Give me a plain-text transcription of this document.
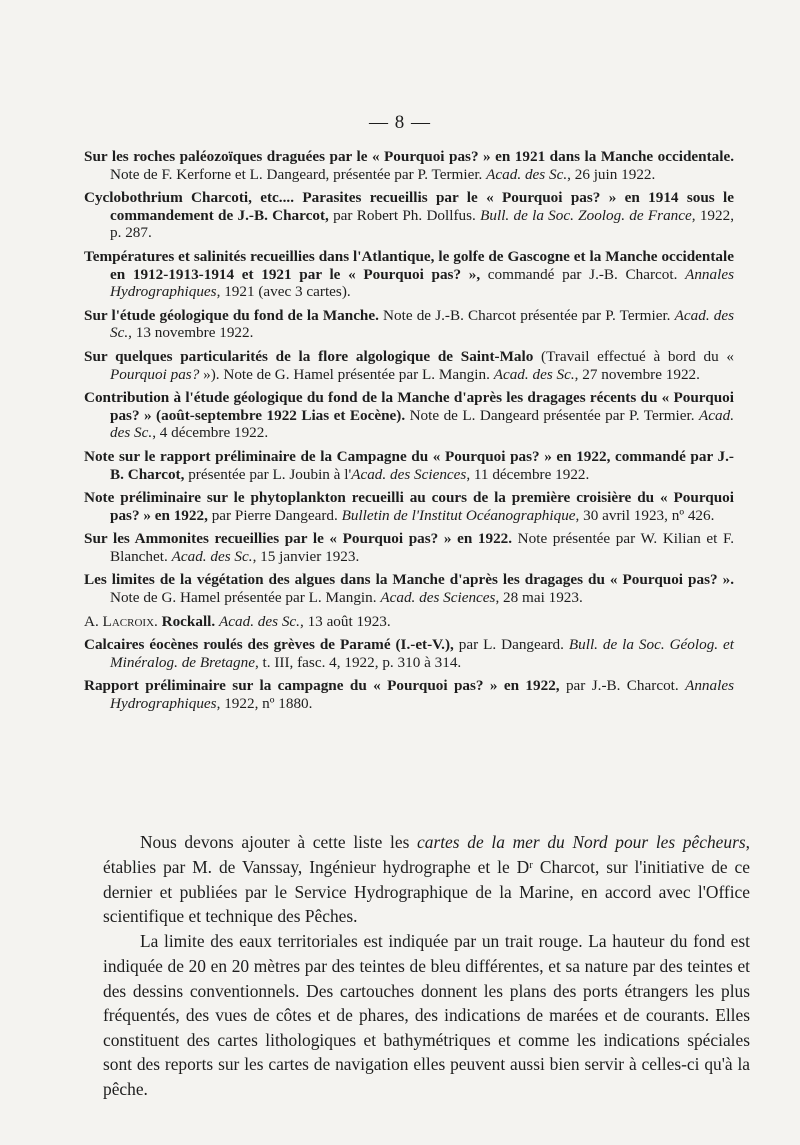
— 8 —

Sur les roches paléozoïques draguées par le « Pourquoi pas? » en 1921 dans la Manche occidentale. Note de F. Kerforne et L. Dangeard, présentée par P. Termier. Acad. des Sc., 26 juin 1922.

Cyclobothrium Charcoti, etc.... Parasites recueillis par le « Pourquoi pas? » en 1914 sous le commandement de J.-B. Charcot, par Robert Ph. Dollfus. Bull. de la Soc. Zoolog. de France, 1922, p. 287.

Températures et salinités recueillies dans l'Atlantique, le golfe de Gascogne et la Manche occidentale en 1912-1913-1914 et 1921 par le « Pourquoi pas? », commandé par J.-B. Charcot. Annales Hydrographiques, 1921 (avec 3 cartes).

Sur l'étude géologique du fond de la Manche. Note de J.-B. Charcot présentée par P. Termier. Acad. des Sc., 13 novembre 1922.

Sur quelques particularités de la flore algologique de Saint-Malo (Travail effectué à bord du « Pourquoi pas? »). Note de G. Hamel présentée par L. Mangin. Acad. des Sc., 27 novembre 1922.

Contribution à l'étude géologique du fond de la Manche d'après les dragages récents du « Pourquoi pas? » (août-septembre 1922 Lias et Eocène). Note de L. Dangeard présentée par P. Termier. Acad. des Sc., 4 décembre 1922.

Note sur le rapport préliminaire de la Campagne du « Pourquoi pas? » en 1922, commandé par J.-B. Charcot, présentée par L. Joubin à l'Acad. des Sciences, 11 décembre 1922.

Note préliminaire sur le phytoplankton recueilli au cours de la première croisière du « Pourquoi pas? » en 1922, par Pierre Dangeard. Bulletin de l'Institut Océanographique, 30 avril 1923, nº 426.

Sur les Ammonites recueillies par le « Pourquoi pas? » en 1922. Note présentée par W. Kilian et F. Blanchet. Acad. des Sc., 15 janvier 1923.

Les limites de la végétation des algues dans la Manche d'après les dragages du « Pourquoi pas? ». Note de G. Hamel présentée par L. Mangin. Acad. des Sciences, 28 mai 1923.

A. Lacroix. Rockall. Acad. des Sc., 13 août 1923.

Calcaires éocènes roulés des grèves de Paramé (I.-et-V.), par L. Dangeard. Bull. de la Soc. Géolog. et Minéralog. de Bretagne, t. III, fasc. 4, 1922, p. 310 à 314.

Rapport préliminaire sur la campagne du « Pourquoi pas? » en 1922, par J.-B. Charcot. Annales Hydrographiques, 1922, nº 1880.

Nous devons ajouter à cette liste les cartes de la mer du Nord pour les pêcheurs, établies par M. de Vanssay, Ingénieur hydrographe et le Dʳ Charcot, sur l'initiative de ce dernier et publiées par le Service Hydrographique de la Marine, en accord avec l'Office scientifique et technique des Pêches.

La limite des eaux territoriales est indiquée par un trait rouge. La hauteur du fond est indiquée de 20 en 20 mètres par des teintes de bleu différentes, et sa nature par des teintes et des dessins conventionnels. Des cartouches donnent les plans des ports étrangers les plus fréquentés, des vues de côtes et de phares, des indications de marées et de courants. Elles constituent des cartes lithologiques et bathymétriques et comme les indications spéciales sont des reports sur les cartes de navigation elles peuvent aussi bien servir à celles-ci qu'à la pêche.
